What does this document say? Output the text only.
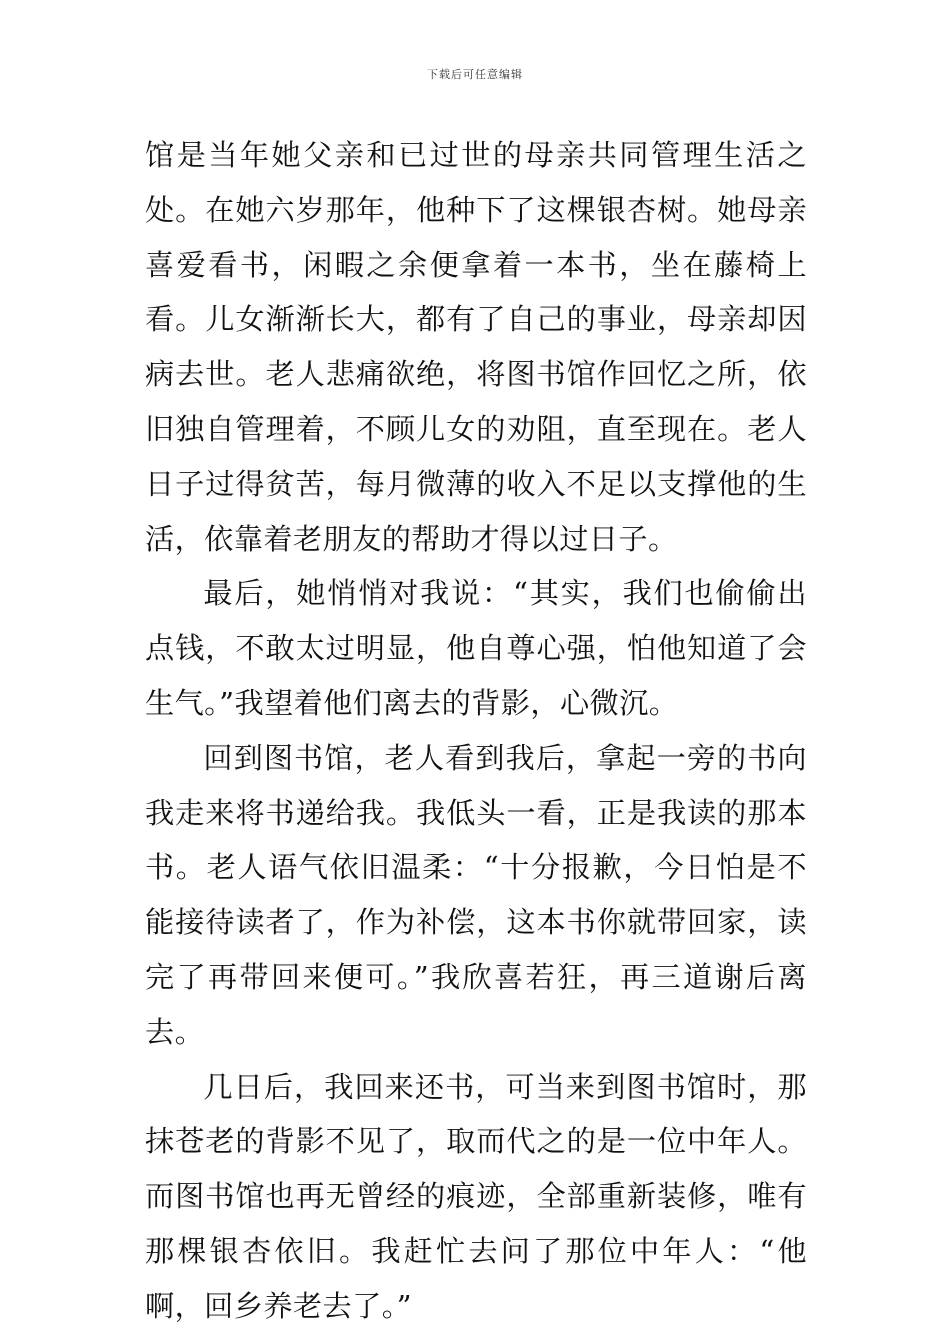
下载后可任意编辑

馆是当年她父亲和已过世的母亲共同管理生活之处。在她六岁那年，他种下了这棵银杏树。她母亲喜爱看书，闲暇之余便拿着一本书，坐在藤椅上看。儿女渐渐长大，都有了自己的事业，母亲却因病去世。老人悲痛欲绝，将图书馆作回忆之所，依旧独自管理着，不顾儿女的劝阻，直至现在。老人日子过得贫苦，每月微薄的收入不足以支撑他的生活，依靠着老朋友的帮助才得以过日子。

最后，她悄悄对我说：“其实，我们也偷偷出点钱，不敢太过明显，他自尊心强，怕他知道了会生气。”我望着他们离去的背影，心微沉。

回到图书馆，老人看到我后，拿起一旁的书向我走来将书递给我。我低头一看，正是我读的那本书。老人语气依旧温柔：“十分报歉，今日怕是不能接待读者了，作为补偿，这本书你就带回家，读完了再带回来便可。”我欣喜若狂，再三道谢后离去。

几日后，我回来还书，可当来到图书馆时，那抹苍老的背影不见了，取而代之的是一位中年人。而图书馆也再无曾经的痕迹，全部重新装修，唯有那棵银杏依旧。我赶忙去问了那位中年人：“他啊，回乡养老去了。”
